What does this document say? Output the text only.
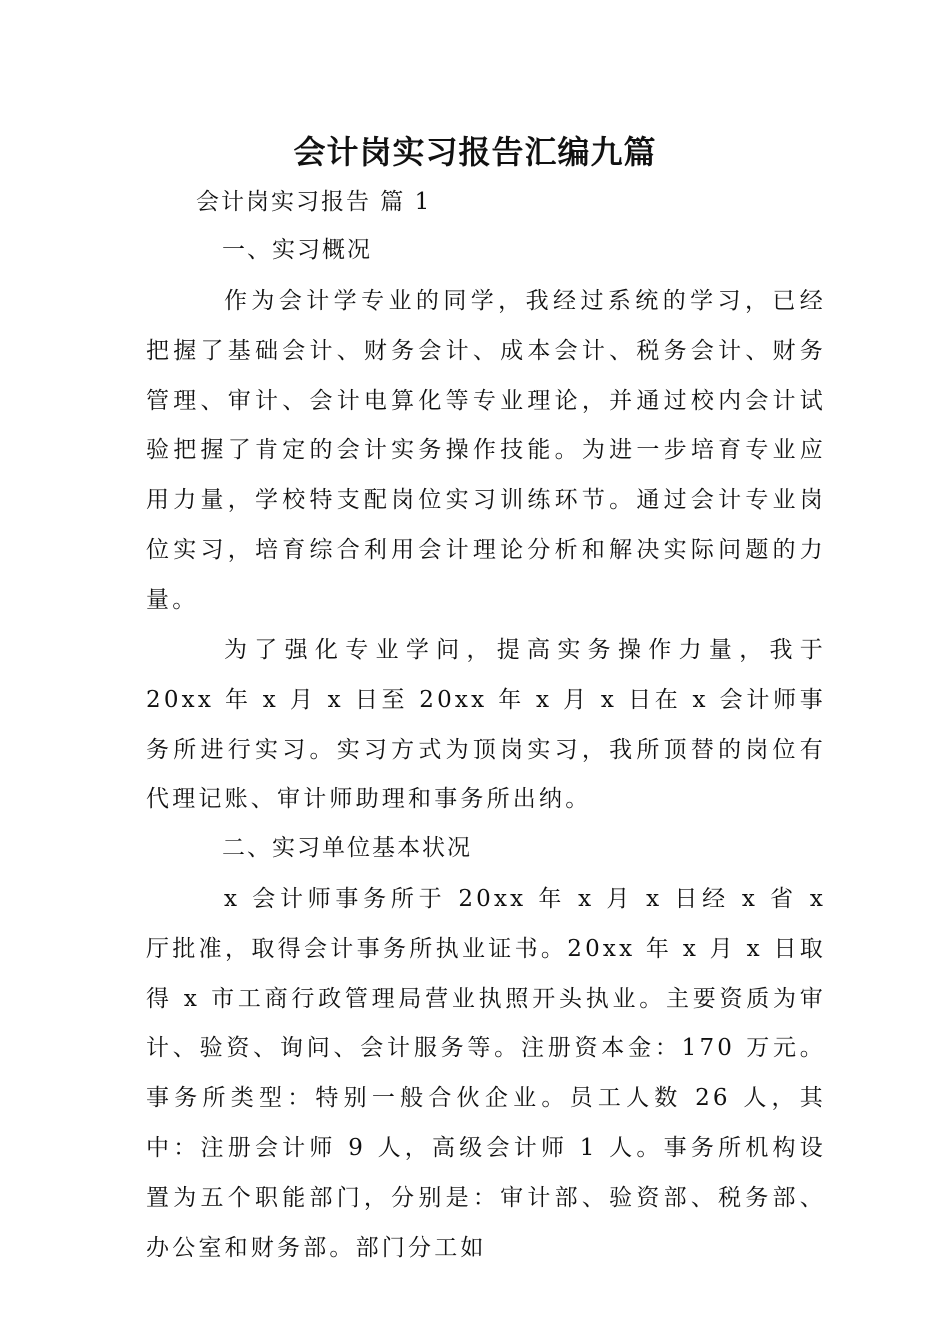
会计岗实习报告汇编九篇
会计岗实习报告 篇 1
一、实习概况

作为会计学专业的同学，我经过系统的学习，已经把握了基础会计、财务会计、成本会计、税务会计、财务管理、审计、会计电算化等专业理论，并通过校内会计试验把握了肯定的会计实务操作技能。为进一步培育专业应用力量，学校特支配岗位实习训练环节。通过会计专业岗位实习，培育综合利用会计理论分析和解决实际问题的力量。

为了强化专业学问，提高实务操作力量，我于 20xx 年 x 月 x 日至 20xx 年 x 月 x 日在 x 会计师事务所进行实习。实习方式为顶岗实习，我所顶替的岗位有代理记账、审计师助理和事务所出纳。

二、实习单位基本状况

x 会计师事务所于 20xx 年 x 月 x 日经 x 省 x 厅批准，取得会计事务所执业证书。20xx 年 x 月 x 日取得 x 市工商行政管理局营业执照开头执业。主要资质为审计、验资、询问、会计服务等。注册资本金：170 万元。事务所类型：特别一般合伙企业。员工人数 26 人，其中：注册会计师 9 人，高级会计师 1 人。事务所机构设置为五个职能部门，分别是：审计部、验资部、税务部、办公室和财务部。部门分工如
